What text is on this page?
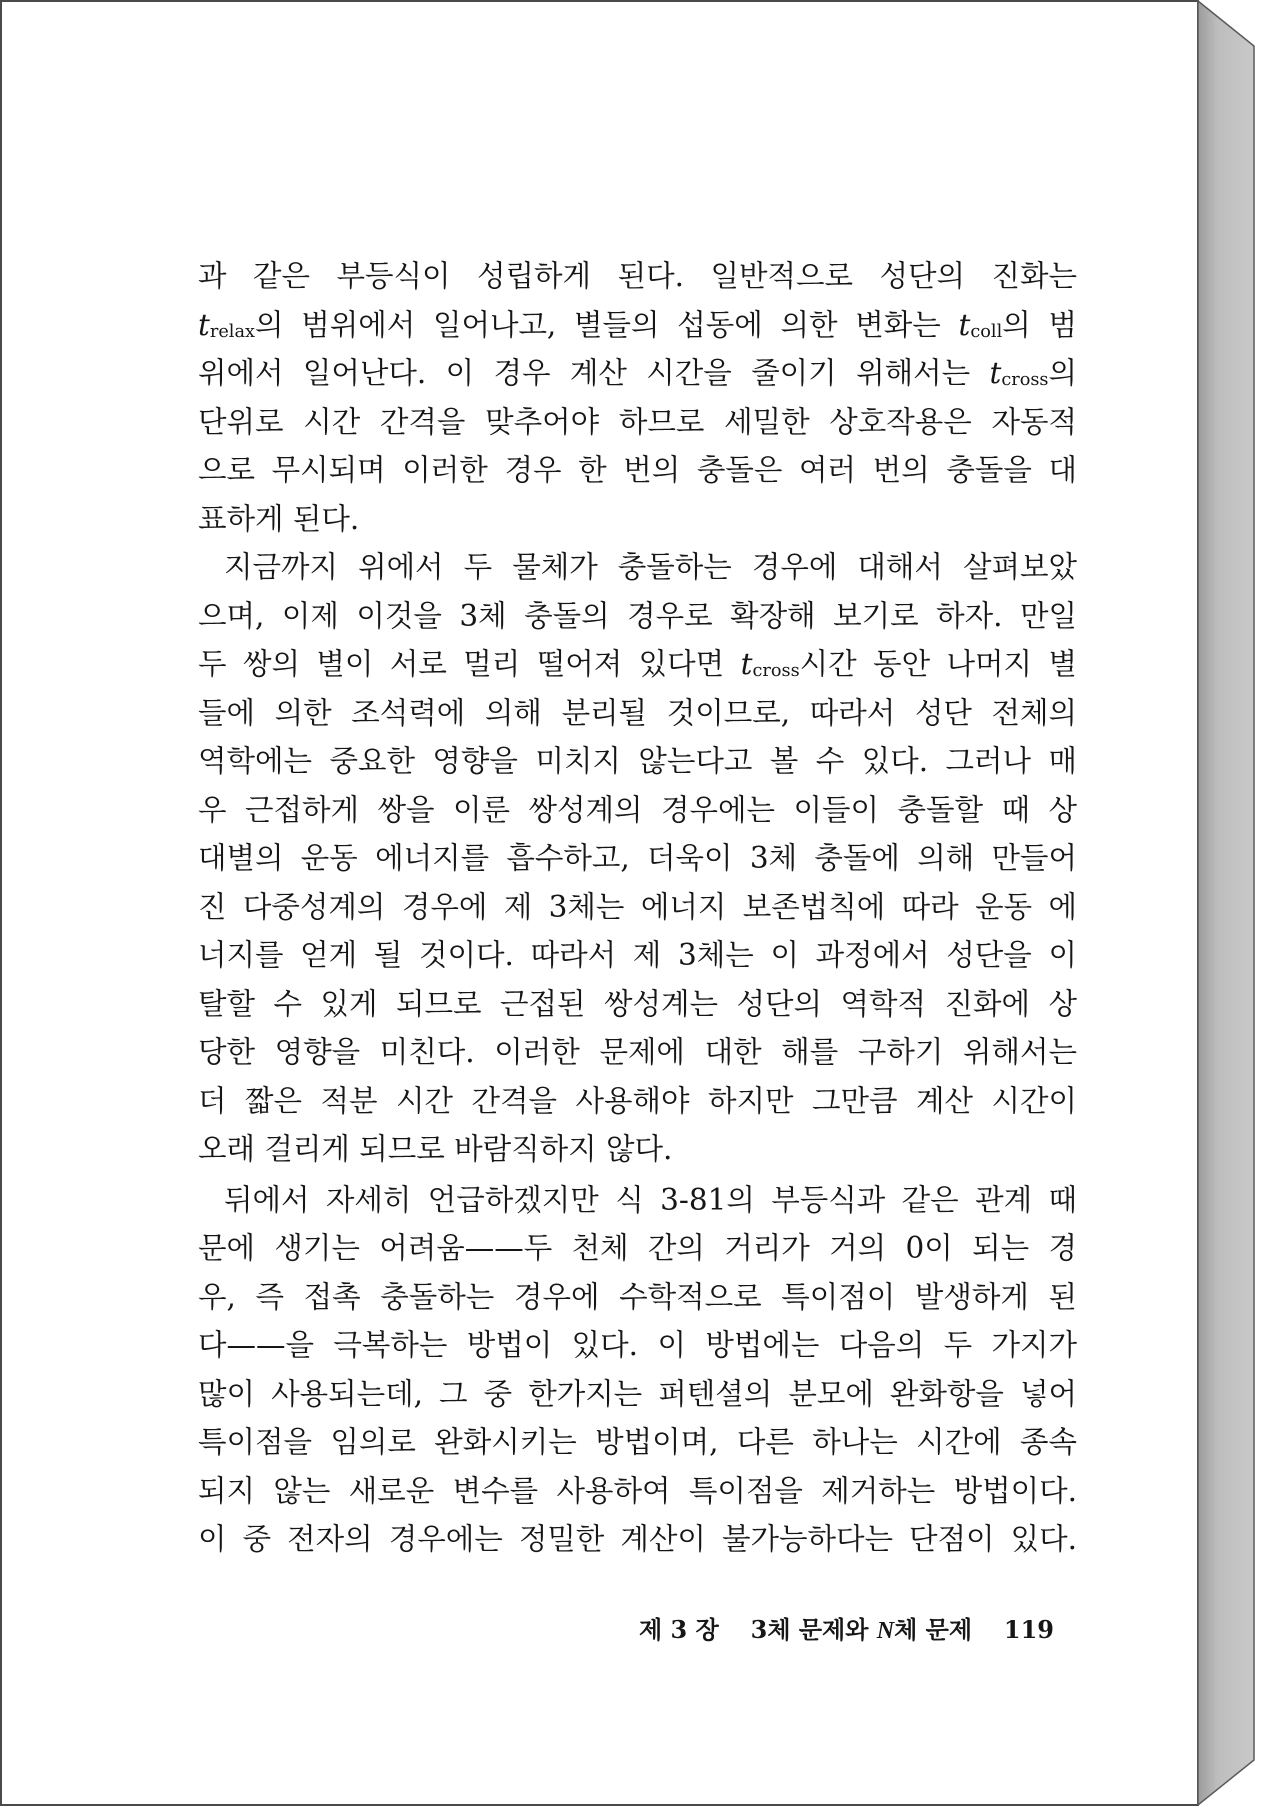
과 같은 부등식이 성립하게 된다. 일반적으로 성단의 진화는
trelax의 범위에서 일어나고, 별들의 섭동에 의한 변화는 tcoll의 범
위에서 일어난다. 이 경우 계산 시간을 줄이기 위해서는 tcross의
단위로 시간 간격을 맞추어야 하므로 세밀한 상호작용은 자동적
으로 무시되며 이러한 경우 한 번의 충돌은 여러 번의 충돌을 대
표하게 된다.
지금까지 위에서 두 물체가 충돌하는 경우에 대해서 살펴보았
으며, 이제 이것을 3체 충돌의 경우로 확장해 보기로 하자. 만일
두 쌍의 별이 서로 멀리 떨어져 있다면 tcross시간 동안 나머지 별
들에 의한 조석력에 의해 분리될 것이므로, 따라서 성단 전체의
역학에는 중요한 영향을 미치지 않는다고 볼 수 있다. 그러나 매
우 근접하게 쌍을 이룬 쌍성계의 경우에는 이들이 충돌할 때 상
대별의 운동 에너지를 흡수하고, 더욱이 3체 충돌에 의해 만들어
진 다중성계의 경우에 제 3체는 에너지 보존법칙에 따라 운동 에
너지를 얻게 될 것이다. 따라서 제 3체는 이 과정에서 성단을 이
탈할 수 있게 되므로 근접된 쌍성계는 성단의 역학적 진화에 상
당한 영향을 미친다. 이러한 문제에 대한 해를 구하기 위해서는
더 짧은 적분 시간 간격을 사용해야 하지만 그만큼 계산 시간이
오래 걸리게 되므로 바람직하지 않다.
뒤에서 자세히 언급하겠지만 식 3-81의 부등식과 같은 관계 때
문에 생기는 어려움——두 천체 간의 거리가 거의 0이 되는 경
우, 즉 접촉 충돌하는 경우에 수학적으로 특이점이 발생하게 된
다——을 극복하는 방법이 있다. 이 방법에는 다음의 두 가지가
많이 사용되는데, 그 중 한가지는 퍼텐셜의 분모에 완화항을 넣어
특이점을 임의로 완화시키는 방법이며, 다른 하나는 시간에 종속
되지 않는 새로운 변수를 사용하여 특이점을 제거하는 방법이다.
이 중 전자의 경우에는 정밀한 계산이 불가능하다는 단점이 있다.
제 3 장 3체 문제와 N체 문제 119
